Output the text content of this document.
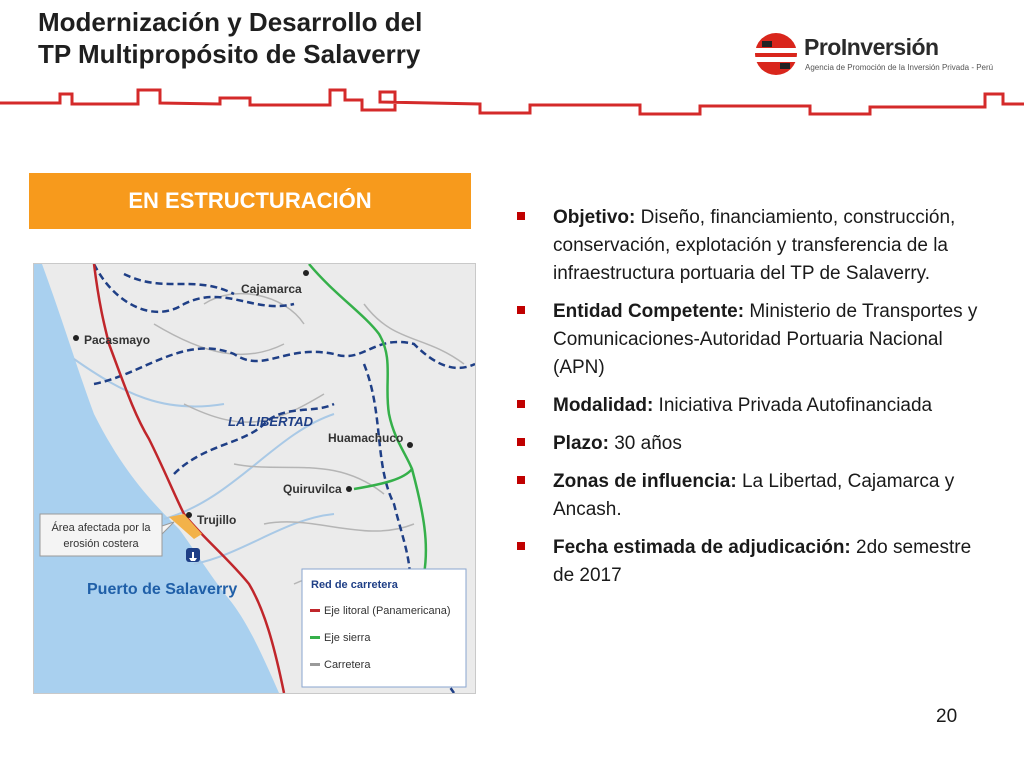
Modernización y Desarrollo del
TP Multipropósito de Salaverry	ProInversión
Agencia de Promoción de la Inversión Privada - Perú
EN ESTRUCTURACIÓN
Cajamarca
Pacasmayo
LA LIBERTAD
Huamachuco
Quiruvilca
Trujillo
Puerto de Salaverry
Área afectada por la
erosión costera
Red de carretera
Eje litoral (Panamericana)
Eje sierra
Carretera
Objetivo: Diseño, financiamiento, construcción, conservación, explotación y transferencia de la infraestructura portuaria del TP de Salaverry.
Entidad Competente: Ministerio de Transportes y Comunicaciones-Autoridad Portuaria Nacional (APN)
Modalidad: Iniciativa Privada Autofinanciada
Plazo: 30 años
Zonas de influencia: La Libertad, Cajamarca y Ancash.
Fecha estimada de adjudicación: 2do semestre de 2017
20
